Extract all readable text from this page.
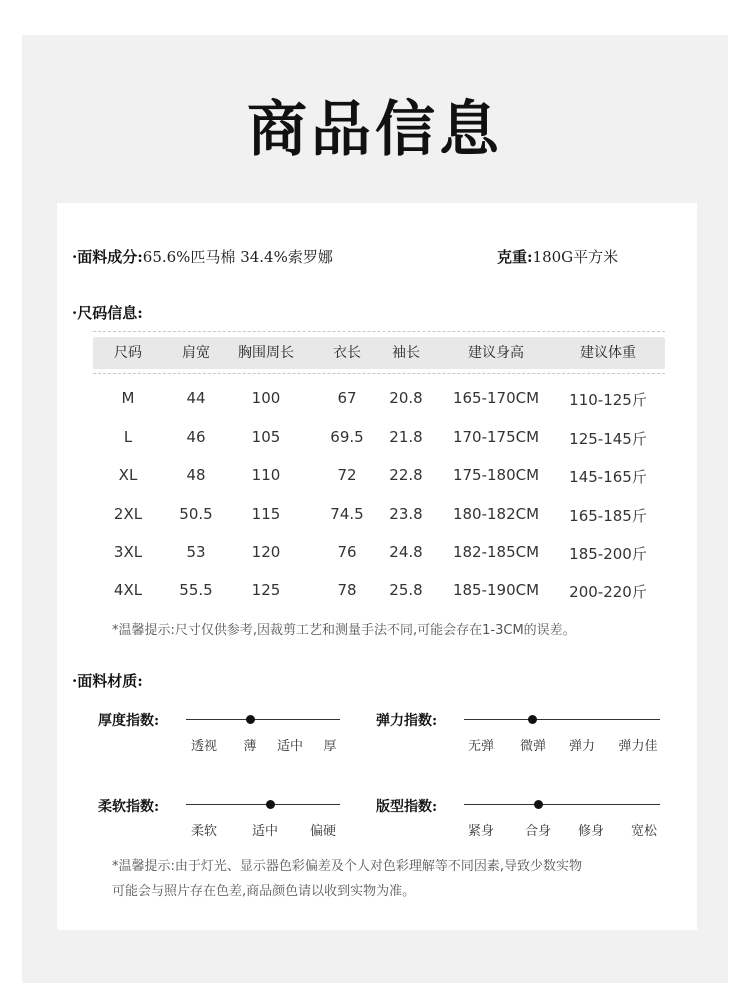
商品信息
·面料成分:65.6%匹马棉 34.4%索罗娜	克重:180G平方米
·尺码信息:
尺码	肩宽	胸围周长	衣长	袖长	建议身高	建议体重
M	44	100	67	20.8	165-170CM	110-125斤
L	46	105	69.5	21.8	170-175CM	125-145斤
XL	48	110	72	22.8	175-180CM	145-165斤
2XL	50.5	115	74.5	23.8	180-182CM	165-185斤
3XL	53	120	76	24.8	182-185CM	185-200斤
4XL	55.5	125	78	25.8	185-190CM	200-220斤
*温馨提示:尺寸仅供参考,因裁剪工艺和测量手法不同,可能会存在1-3CM的误差。
·面料材质:
厚度指数:
透视	薄	适中	厚
弹力指数:
无弹	微弹	弹力	弹力佳
柔软指数:
柔软	适中	偏硬
版型指数:
紧身	合身	修身	宽松
*温馨提示:由于灯光、显示器色彩偏差及个人对色彩理解等不同因素,导致少数实物
可能会与照片存在色差,商品颜色请以收到实物为准。
